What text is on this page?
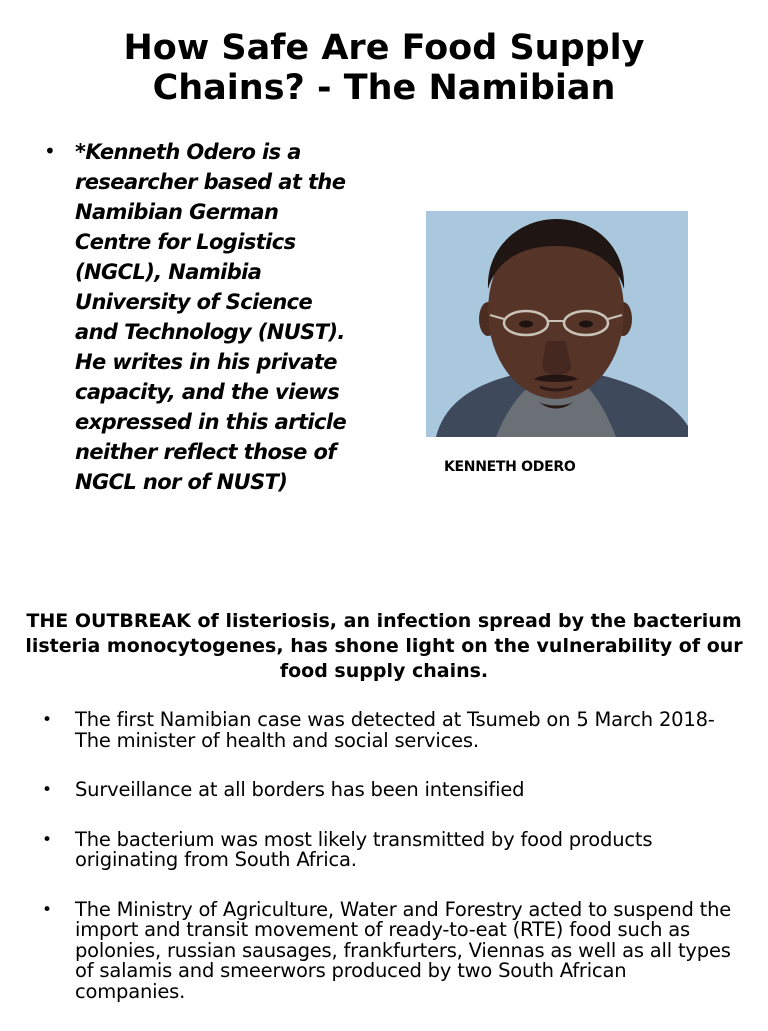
How Safe Are Food Supply
Chains? - The Namibian
• *Kenneth Odero is a researcher based at the Namibian German Centre for Logistics (NGCL), Namibia University of Science and Technology (NUST). He writes in his private capacity, and the views expressed in this article neither reflect those of NGCL nor of NUST)
KENNETH ODERO

THE OUTBREAK of listeriosis, an infection spread by the bacterium listeria monocytogenes, has shone light on the vulnerability of our food supply chains.

• The first Namibian case was detected at Tsumeb on 5 March 2018- The minister of health and social services.
• Surveillance at all borders has been intensified
• The bacterium was most likely transmitted by food products originating from South Africa.
• The Ministry of Agriculture, Water and Forestry acted to suspend the import and transit movement of ready-to-eat (RTE) food such as polonies, russian sausages, frankfurters, Viennas as well as all types of salamis and smeerwors produced by two South African companies.
